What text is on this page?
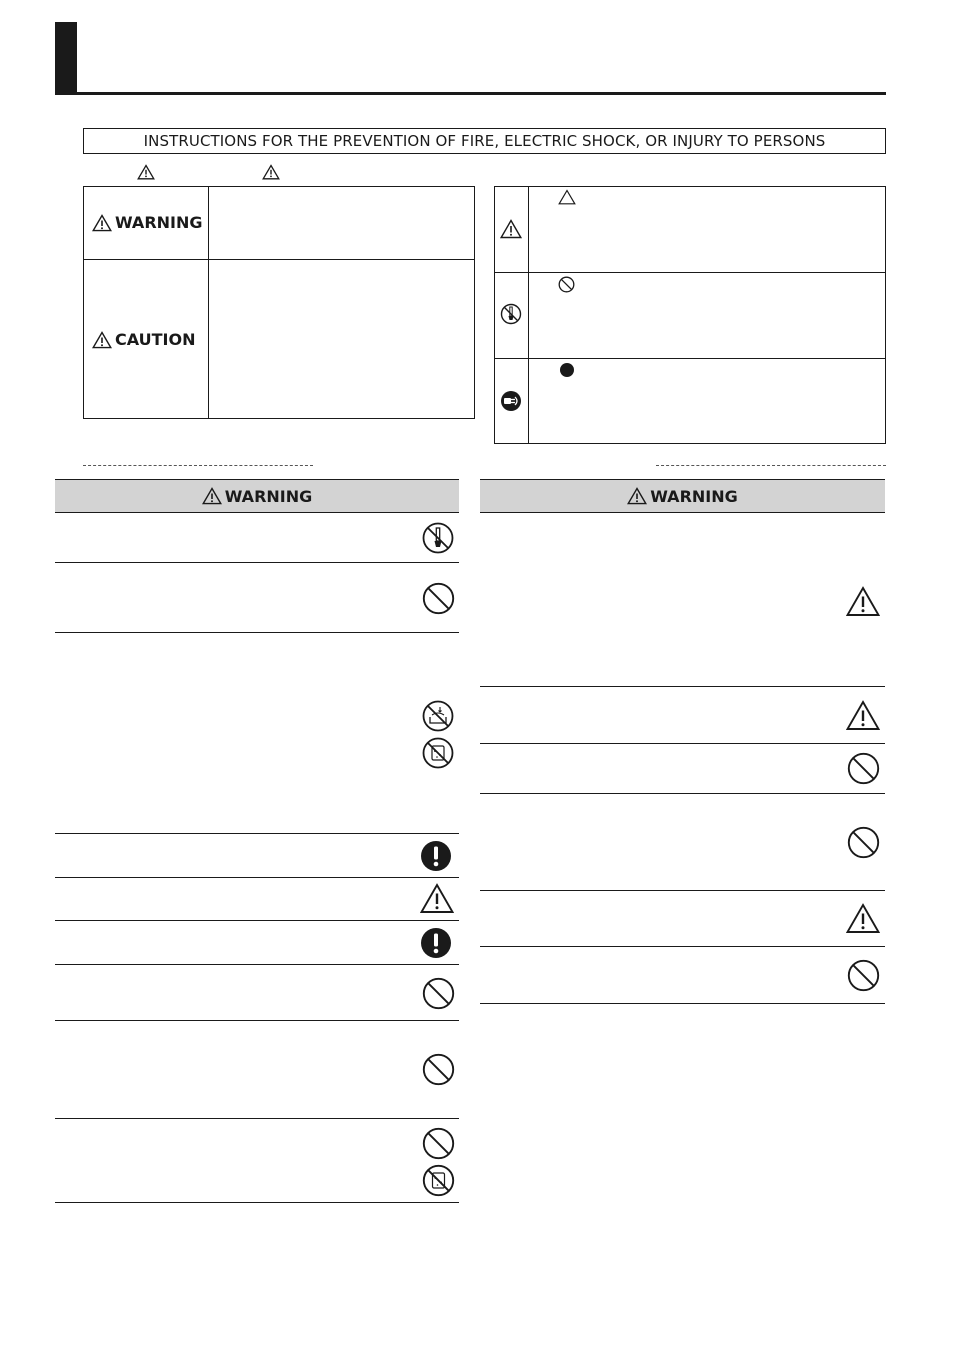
INSTRUCTIONS FOR THE PREVENTION OF FIRE, ELECTRIC SHOCK, OR INJURY TO PERSONS
WARNING
CAUTION
WARNING	WARNING
